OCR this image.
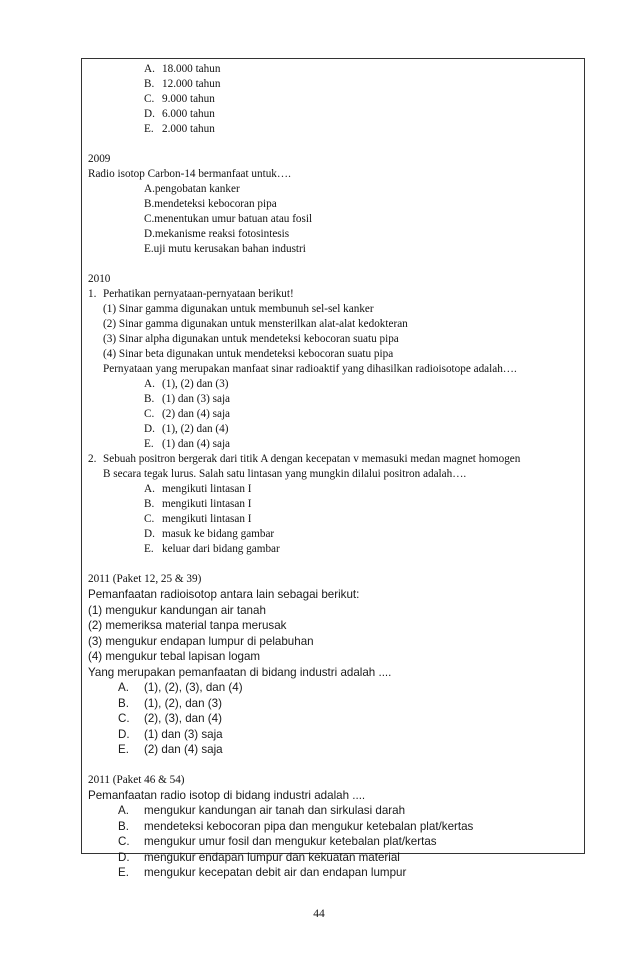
A. 18.000 tahun
B. 12.000 tahun
C. 9.000 tahun
D. 6.000 tahun
E. 2.000 tahun
2009
Radio isotop Carbon-14 bermanfaat untuk….
A.pengobatan kanker
B.mendeteksi kebocoran pipa
C.menentukan umur batuan atau fosil
D.mekanisme reaksi fotosintesis
E.uji mutu kerusakan bahan industri
2010
1. Perhatikan pernyataan-pernyataan berikut!
(1) Sinar gamma digunakan untuk membunuh sel-sel kanker
(2) Sinar gamma digunakan untuk mensterilkan alat-alat kedokteran
(3) Sinar alpha digunakan untuk mendeteksi kebocoran suatu pipa
(4) Sinar beta digunakan untuk mendeteksi kebocoran suatu pipa
Pernyataan yang merupakan manfaat sinar radioaktif yang dihasilkan radioisotope adalah….
A. (1), (2) dan (3)
B. (1) dan (3) saja
C. (2) dan (4) saja
D. (1), (2) dan (4)
E. (1) dan (4) saja
2. Sebuah positron bergerak dari titik A dengan kecepatan v memasuki medan magnet homogen
B secara tegak lurus. Salah satu lintasan yang mungkin dilalui positron adalah….
A. mengikuti lintasan I
B. mengikuti lintasan I
C. mengikuti lintasan I
D. masuk ke bidang gambar
E. keluar dari bidang gambar
2011 (Paket 12, 25 & 39)
Pemanfaatan radioisotop antara lain sebagai berikut:
(1) mengukur kandungan air tanah
(2) memeriksa material tanpa merusak
(3) mengukur endapan lumpur di pelabuhan
(4) mengukur tebal lapisan logam
Yang merupakan pemanfaatan di bidang industri adalah ....
A. (1), (2), (3), dan (4)
B. (1), (2), dan (3)
C. (2), (3), dan (4)
D. (1) dan (3) saja
E. (2) dan (4) saja
2011 (Paket 46 & 54)
Pemanfaatan radio isotop di bidang industri adalah ....
A. mengukur kandungan air tanah dan sirkulasi darah
B. mendeteksi kebocoran pipa dan mengukur ketebalan plat/kertas
C. mengukur umur fosil dan mengukur ketebalan plat/kertas
D. mengukur endapan lumpur dan kekuatan material
E. mengukur kecepatan debit air dan endapan lumpur
44
